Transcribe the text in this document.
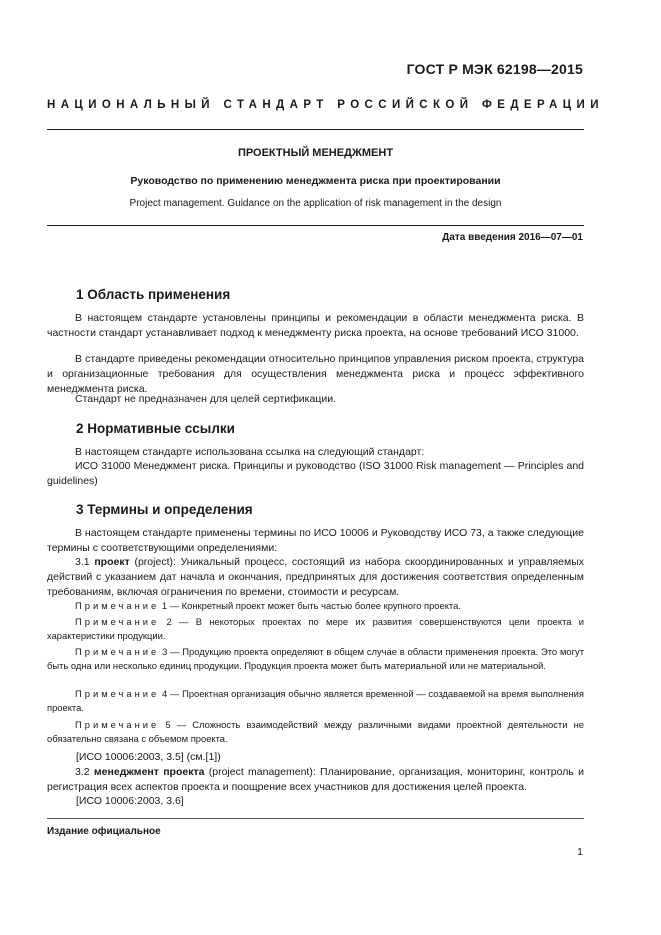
ГОСТ Р МЭК 62198—2015
НАЦИОНАЛЬНЫЙ СТАНДАРТ РОССИЙСКОЙ ФЕДЕРАЦИИ
ПРОЕКТНЫЙ МЕНЕДЖМЕНТ
Руководство по применению менеджмента риска при проектировании
Project management. Guidance on the application of risk management in the design
Дата введения 2016—07—01
1 Область применения

В настоящем стандарте установлены принципы и рекомендации в области менеджмента риска. В частности стандарт устанавливает подход к менеджменту риска проекта, на основе требований ИСО 31000.

В стандарте приведены рекомендации относительно принципов управления риском проекта, структура и организационные требования для осуществления менеджмента риска и процесс эффективного менеджмента риска.

Стандарт не предназначен для целей сертификации.

2 Нормативные ссылки

В настоящем стандарте использована ссылка на следующий стандарт:

ИСО 31000 Менеджмент риска. Принципы и руководство (ISO 31000 Risk management — Principles and guidelines)

3 Термины и определения

В настоящем стандарте применены термины по ИСО 10006 и Руководству ИСО 73, а также следующие термины с соответствующими определениями:

3.1 проект (project): Уникальный процесс, состоящий из набора скоординированных и управляемых действий с указанием дат начала и окончания, предпринятых для достижения соответствия определенным требованиям, включая ограничения по времени, стоимости и ресурсам.

Примечание 1 — Конкретный проект может быть частью более крупного проекта.

Примечание 2 — В некоторых проектах по мере их развития совершенствуются цели проекта и характеристики продукции.

Примечание 3 — Продукцию проекта определяют в общем случае в области применения проекта. Это могут быть одна или несколько единиц продукции. Продукция проекта может быть материальной или не материальной.

Примечание 4 — Проектная организация обычно является временной — создаваемой на время выполнения проекта.

Примечание 5 — Сложность взаимодействий между различными видами проектной деятельности не обязательно связана с объемом проекта.

[ИСО 10006:2003, 3.5] (см.[1])

3.2 менеджмент проекта (project management): Планирование, организация, мониторинг, контроль и регистрация всех аспектов проекта и поощрение всех участников для достижения целей проекта.

[ИСО 10006:2003, 3.6]

Издание официальное
1
